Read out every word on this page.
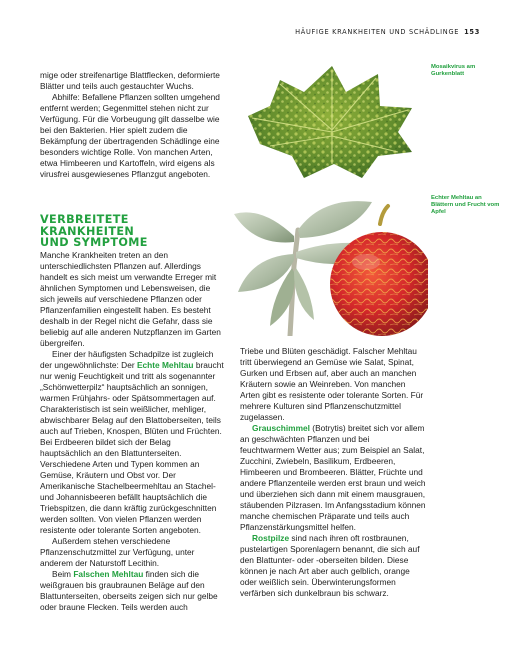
HÄUFIGE KRANKHEITEN UND SCHÄDLINGE 153
Mosaikvirus am Gurkenblatt
Echter Mehltau an Blättern und Frucht vom Apfel

mige oder streifenartige Blattflecken, deformierte Blätter und teils auch gestauchter Wuchs.

Abhilfe: Befallene Pflanzen sollten umgehend entfernt werden; Gegenmittel stehen nicht zur Verfügung. Für die Vorbeugung gilt dasselbe wie bei den Bakterien. Hier spielt zudem die Bekämpfung der übertragenden Schädlinge eine besonders wichtige Rolle. Von manchen Arten, etwa Himbeeren und Kartoffeln, wird eigens als virusfrei ausgewiesenes Pflanzgut angeboten.

VERBREITETE KRANKHEITEN
UND SYMPTOME

Manche Krankheiten treten an den unterschiedlichsten Pflanzen auf. Allerdings handelt es sich meist um verwandte Erreger mit ähnlichen Symptomen und Lebensweisen, die sich jeweils auf verschiedene Pflanzen oder Pflanzenfamilien eingestellt haben. Es besteht deshalb in der Regel nicht die Gefahr, dass sie beliebig auf alle anderen Nutzpflanzen im Garten übergreifen.

Einer der häufigsten Schadpilze ist zugleich der ungewöhnlichste: Der Echte Mehltau braucht nur wenig Feuchtigkeit und tritt als sogenannter „Schönwetterpilz“ hauptsächlich an sonnigen, warmen Frühjahrs- oder Spätsommertagen auf. Charakteristisch ist sein weißlicher, mehliger, abwischbarer Belag auf den Blattoberseiten, teils auch auf Trieben, Knospen, Blüten und Früchten. Bei Erdbeeren bildet sich der Belag hauptsächlich an den Blattunterseiten. Verschiedene Arten und Typen kommen an Gemüse, Kräutern und Obst vor. Der Amerikanische Stachelbeermehltau an Stachel- und Johannisbeeren befällt hauptsächlich die Triebspitzen, die dann kräftig zurückgeschnitten werden sollten. Von vielen Pflanzen werden resistente oder tolerante Sorten angeboten.

Außerdem stehen verschiedene Pflanzenschutzmittel zur Verfügung, unter anderem der Naturstoff Lecithin.

Beim Falschen Mehltau finden sich die weißgrauen bis graubraunen Beläge auf den Blattunterseiten, oberseits zeigen sich nur gelbe oder braune Flecken. Teils werden auch

Triebe und Blüten geschädigt. Falscher Mehltau tritt überwiegend an Gemüse wie Salat, Spinat, Gurken und Erbsen auf, aber auch an manchen Kräutern sowie an Weinreben. Von manchen Arten gibt es resistente oder tolerante Sorten. Für mehrere Kulturen sind Pflanzenschutzmittel zugelassen.

Grauschimmel (Botrytis) breitet sich vor allem an geschwächten Pflanzen und bei feuchtwarmem Wetter aus; zum Beispiel an Salat, Zucchini, Zwiebeln, Basilikum, Erdbeeren, Himbeeren und Brombeeren. Blätter, Früchte und andere Pflanzenteile werden erst braun und weich und überziehen sich dann mit einem mausgrauen, stäubenden Pilzrasen. Im Anfangsstadium können manche chemischen Präparate und teils auch Pflanzenstärkungsmittel helfen.

Rostpilze sind nach ihren oft rostbraunen, pustelartigen Sporenlagern benannt, die sich auf den Blattunter- oder -oberseiten bilden. Diese können je nach Art aber auch gelblich, orange oder weißlich sein. Überwinterungsformen verfärben sich dunkelbraun bis schwarz.
